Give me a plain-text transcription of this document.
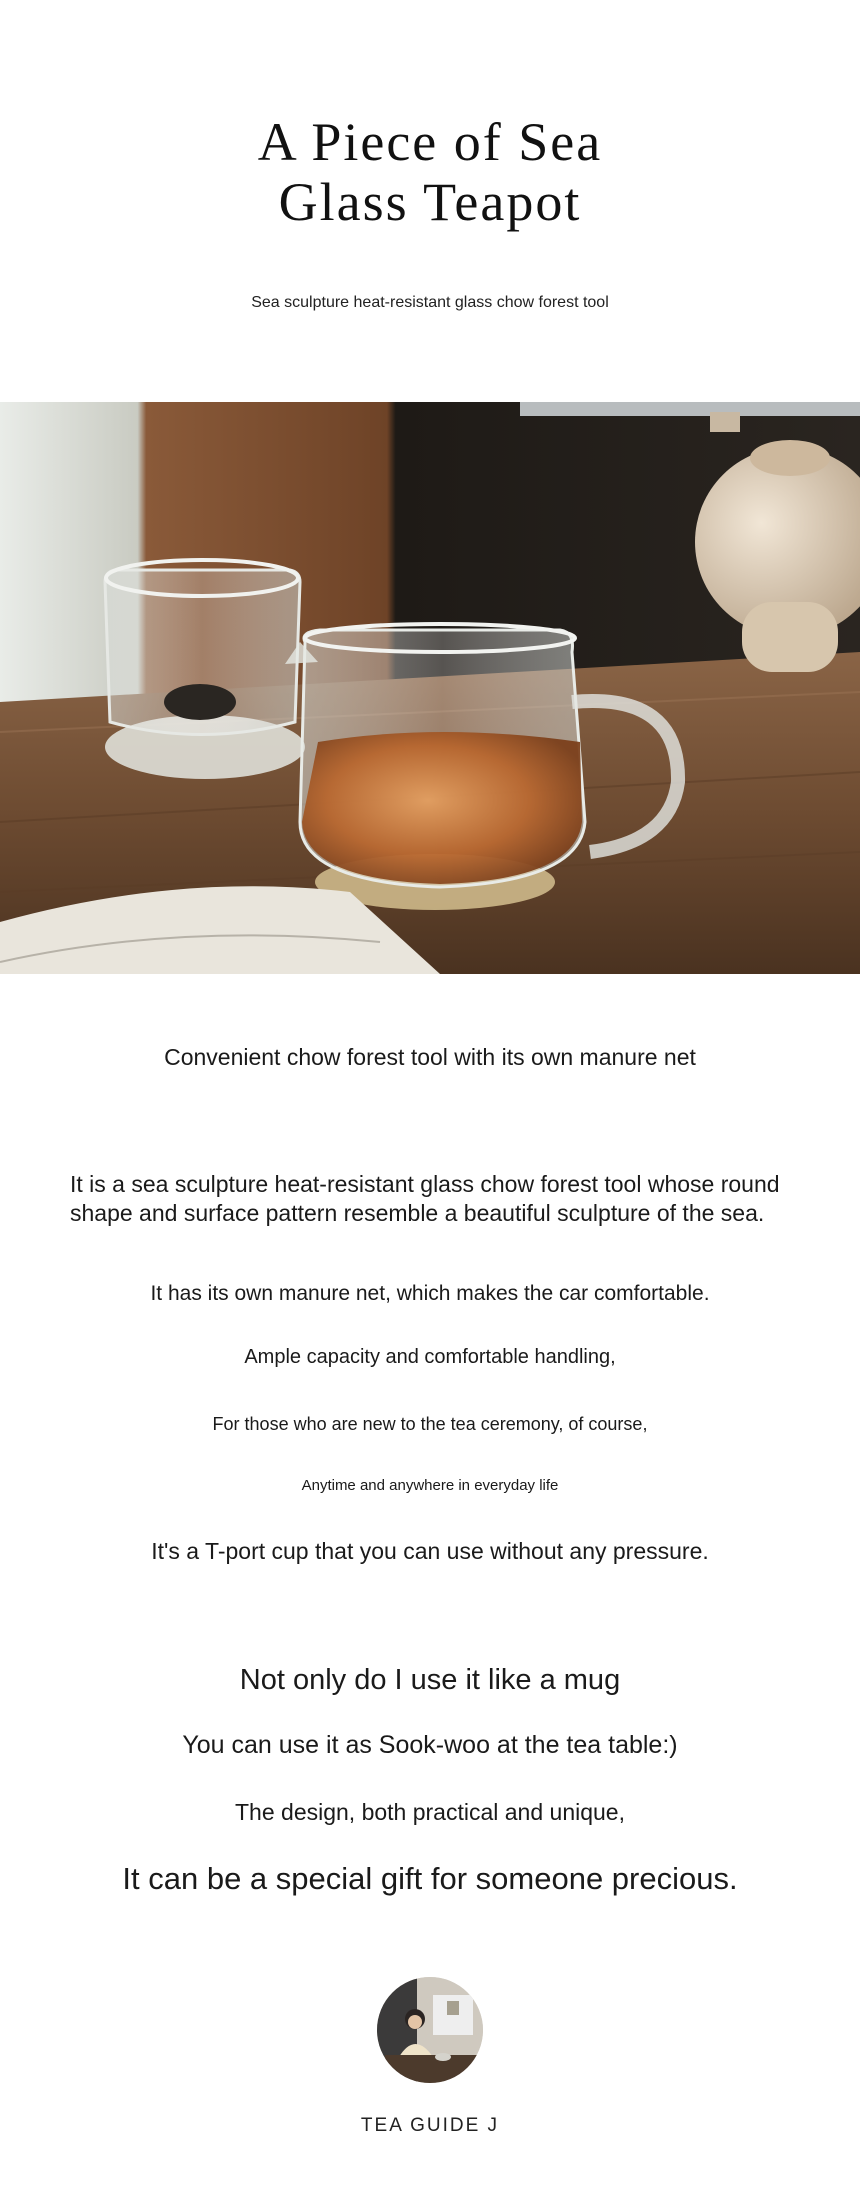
A Piece of Sea
Glass Teapot
Sea sculpture heat-resistant glass chow forest tool
Convenient chow forest tool with its own manure net
It is a sea sculpture heat-resistant glass chow forest tool whose round shape and surface pattern resemble a beautiful sculpture of the sea.
It has its own manure net, which makes the car comfortable.
Ample capacity and comfortable handling,
For those who are new to the tea ceremony, of course,
Anytime and anywhere in everyday life
It's a T-port cup that you can use without any pressure.
Not only do I use it like a mug
You can use it as Sook-woo at the tea table:)
The design, both practical and unique,
It can be a special gift for someone precious.
TEA GUIDE J
